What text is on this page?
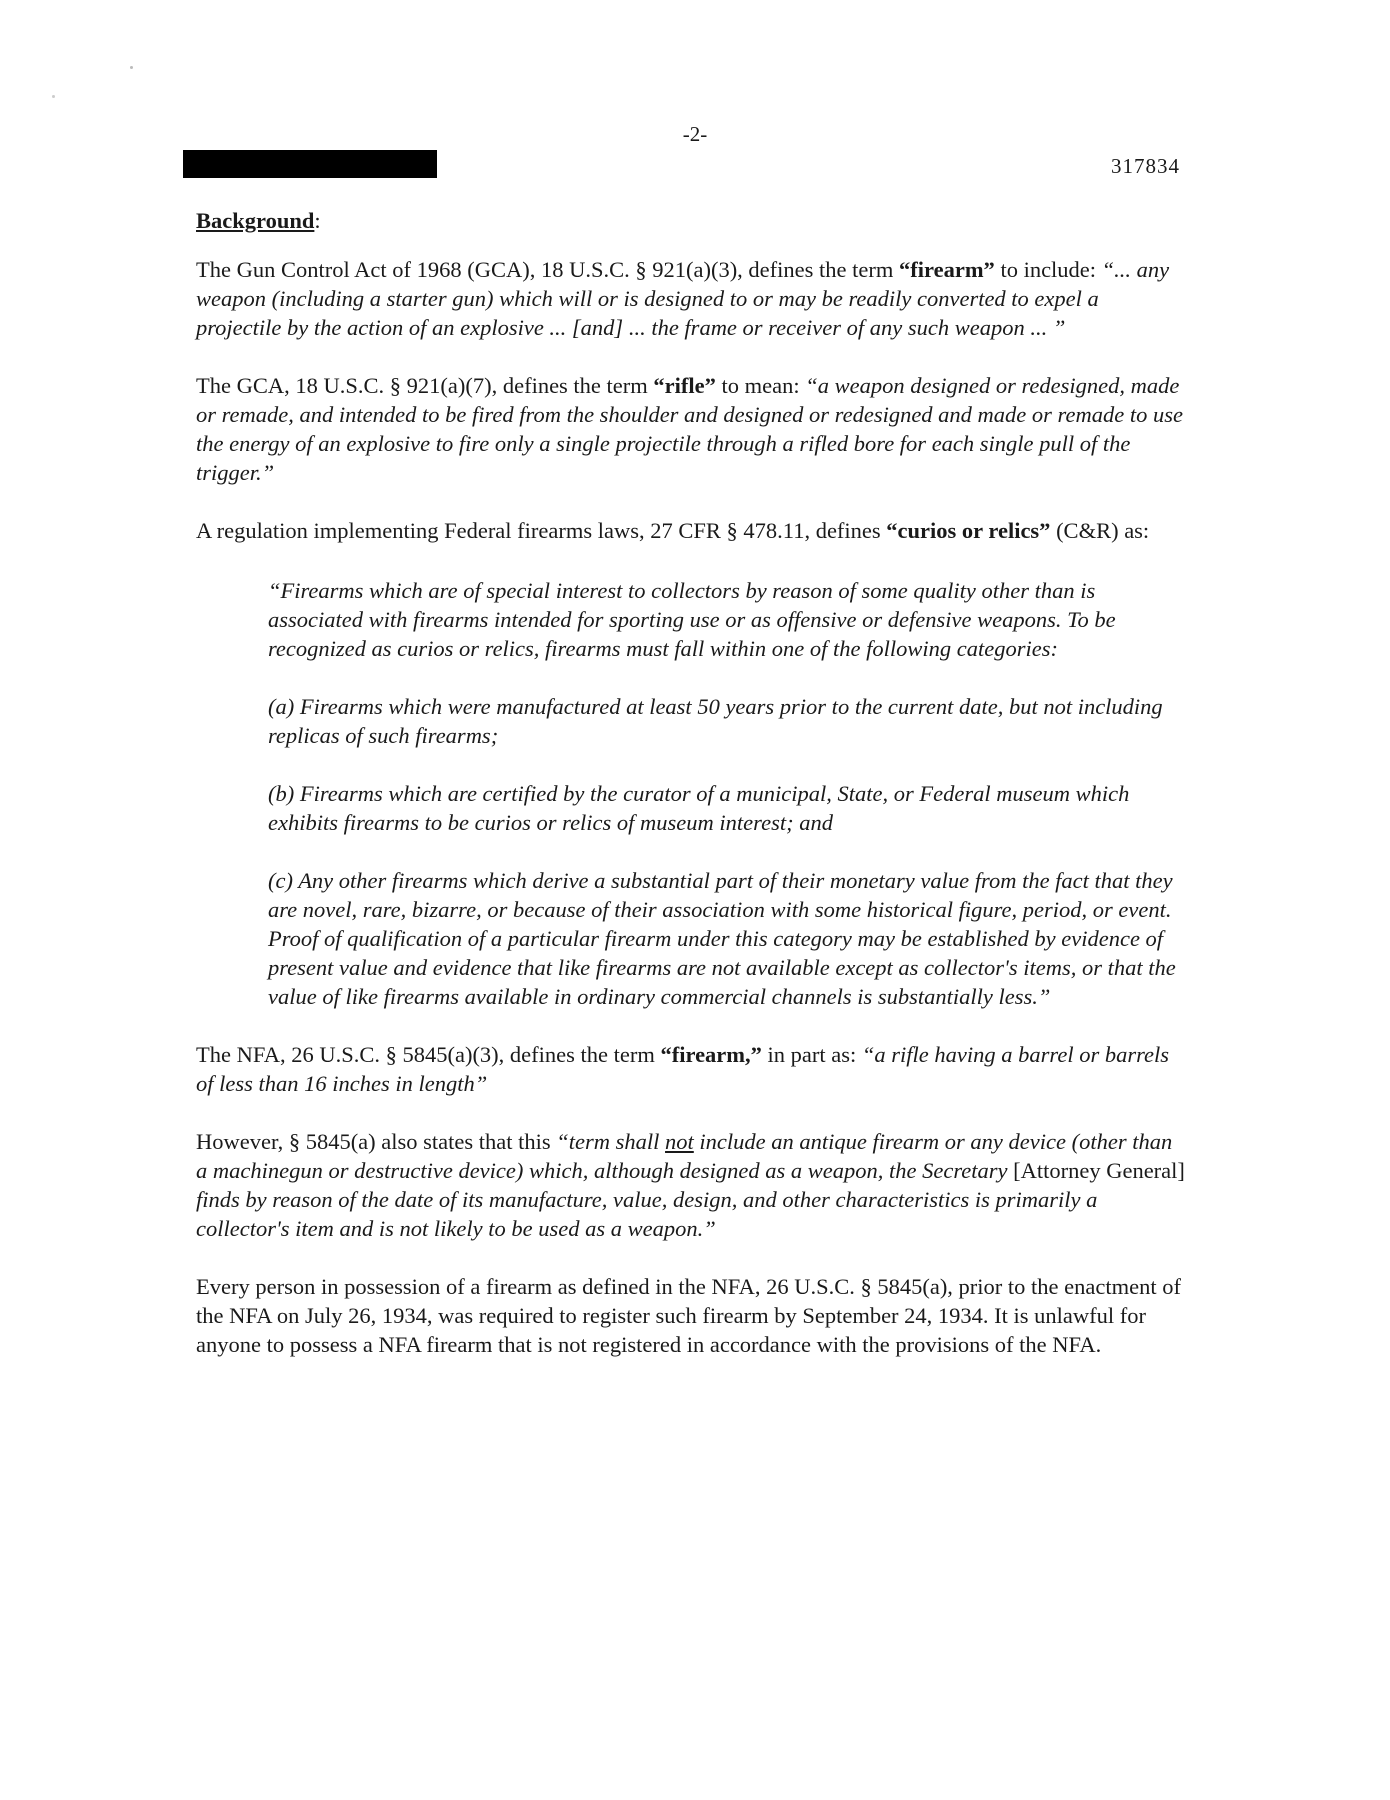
-2-
317834
Background:

The Gun Control Act of 1968 (GCA), 18 U.S.C. § 921(a)(3), defines the term “firearm” to include: “... any weapon (including a starter gun) which will or is designed to or may be readily converted to expel a projectile by the action of an explosive ... [and] ... the frame or receiver of any such weapon ... ”

The GCA, 18 U.S.C. § 921(a)(7), defines the term “rifle” to mean: “a weapon designed or redesigned, made or remade, and intended to be fired from the shoulder and designed or redesigned and made or remade to use the energy of an explosive to fire only a single projectile through a rifled bore for each single pull of the trigger.”

A regulation implementing Federal firearms laws, 27 CFR § 478.11, defines “curios or relics” (C&R) as:

“Firearms which are of special interest to collectors by reason of some quality other than is associated with firearms intended for sporting use or as offensive or defensive weapons. To be recognized as curios or relics, firearms must fall within one of the following categories:
(a) Firearms which were manufactured at least 50 years prior to the current date, but not including replicas of such firearms;
(b) Firearms which are certified by the curator of a municipal, State, or Federal museum which exhibits firearms to be curios or relics of museum interest; and
(c) Any other firearms which derive a substantial part of their monetary value from the fact that they are novel, rare, bizarre, or because of their association with some historical figure, period, or event. Proof of qualification of a particular firearm under this category may be established by evidence of present value and evidence that like firearms are not available except as collector's items, or that the value of like firearms available in ordinary commercial channels is substantially less.”

The NFA, 26 U.S.C. § 5845(a)(3), defines the term “firearm,” in part as: “a rifle having a barrel or barrels of less than 16 inches in length”

However, § 5845(a) also states that this “term shall not include an antique firearm or any device (other than a machinegun or destructive device) which, although designed as a weapon, the Secretary [Attorney General] finds by reason of the date of its manufacture, value, design, and other characteristics is primarily a collector's item and is not likely to be used as a weapon.”

Every person in possession of a firearm as defined in the NFA, 26 U.S.C. § 5845(a), prior to the enactment of the NFA on July 26, 1934, was required to register such firearm by September 24, 1934. It is unlawful for anyone to possess a NFA firearm that is not registered in accordance with the provisions of the NFA.
